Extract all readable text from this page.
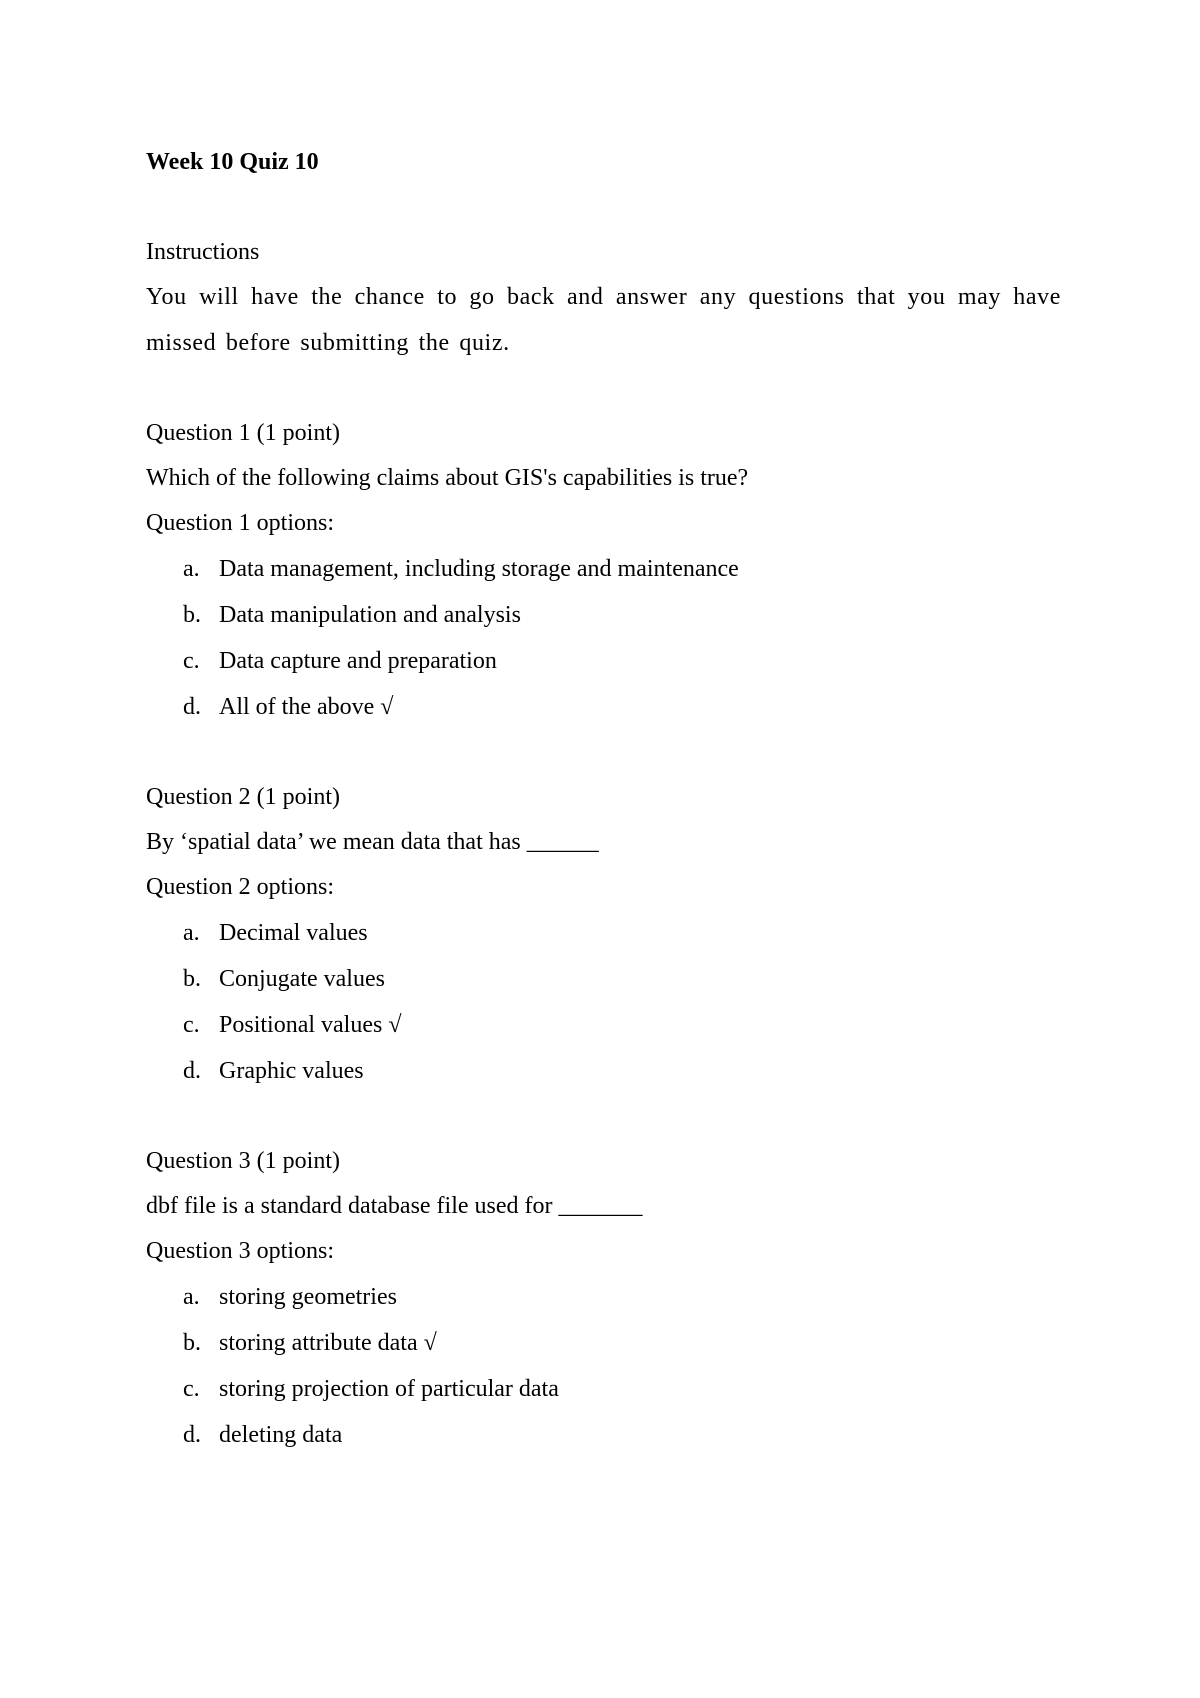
Week 10 Quiz 10

Instructions

You will have the chance to go back and answer any questions that you may have missed before submitting the quiz.

Question 1 (1 point)

Which of the following claims about GIS's capabilities is true?

Question 1 options:

a. Data management, including storage and maintenance
b. Data manipulation and analysis
c. Data capture and preparation
d. All of the above √

Question 2 (1 point)

By ‘spatial data’ we mean data that has ______

Question 2 options:

a. Decimal values
b. Conjugate values
c. Positional values √
d. Graphic values

Question 3 (1 point)

dbf file is a standard database file used for _______

Question 3 options:

a. storing geometries
b. storing attribute data √
c. storing projection of particular data
d. deleting data
